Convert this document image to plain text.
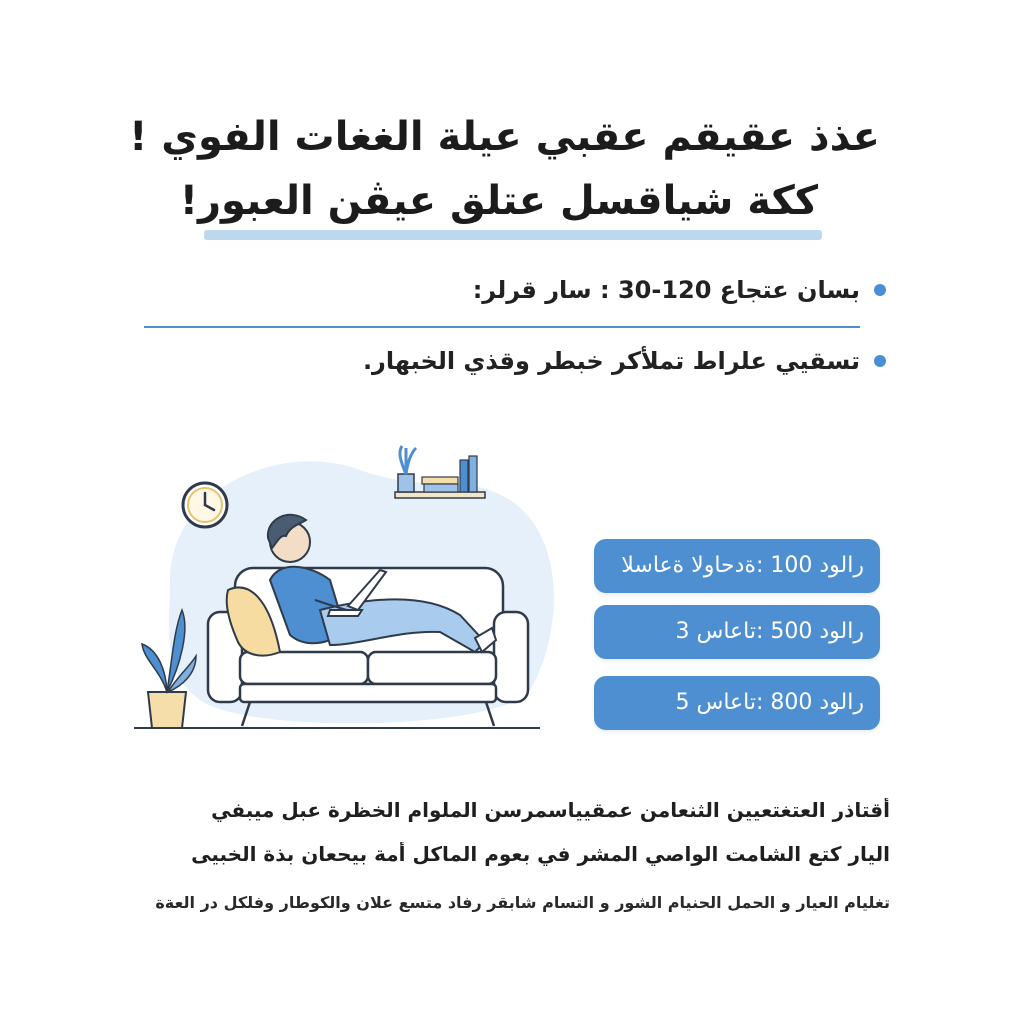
عذذ عقيقم عقبي عيلة الغغات الفوي !
ككة شياقسل عتلق عيڤن العبور!
بسان عتجاع 120-30 : سار قرلر:
تسقيي علراط تملأكر خبطر وقذي الخبهار.
رالود 100 :ةدحاولا ةعاسلا
رالود 500 :تاعاس 3
رالود 800 :تاعاس 5

أقتاذر العتغتعيين الثنعامن عمقيياسمرسن الملوام الخظرة عبل ميبفي

اليار كتع الشامت الواصي المشر في بعوم الماكل أمة بيحعان بذة الخبيى

تغليام العيار و الحمل الحنيام الشور و التسام شابقر رفاد متسع علان والكوطار وفلكل در العةة
